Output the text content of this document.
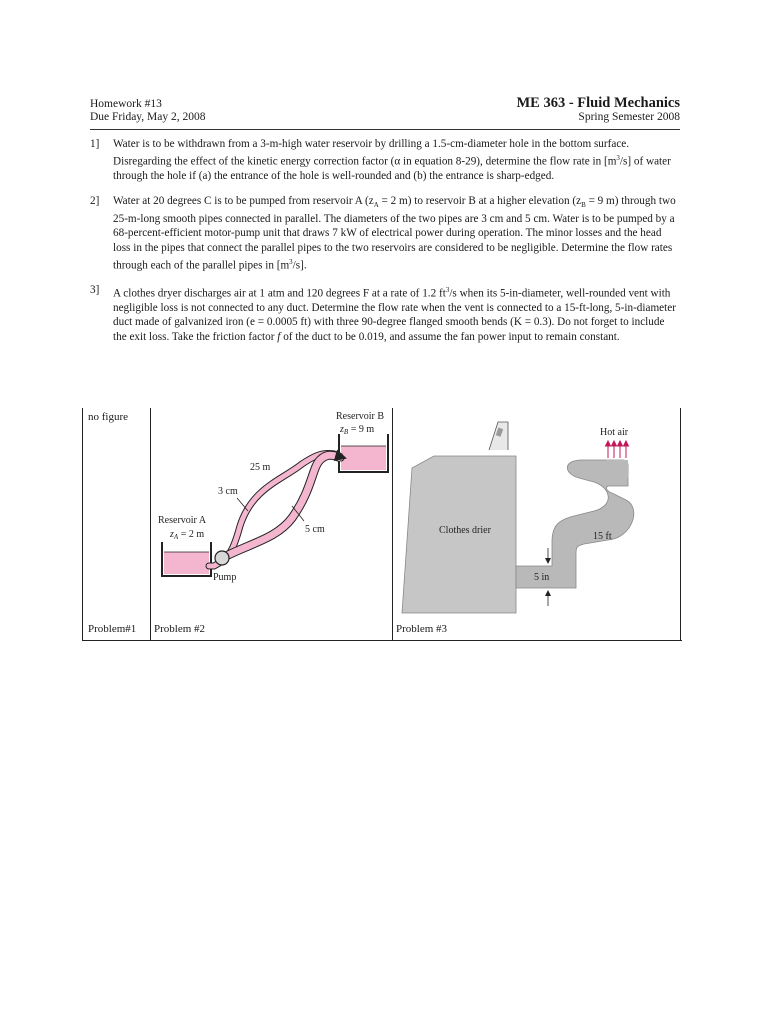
Homework #13	ME 363 - Fluid Mechanics
Due Friday, May 2, 2008	Spring Semester 2008
1]	Water is to be withdrawn from a 3-m-high water reservoir by drilling a 1.5-cm-diameter hole in the bottom surface. Disregarding the effect of the kinetic energy correction factor (α in equation 8-29), determine the flow rate in $[m^3/s]$ of water through the hole if (a) the entrance of the hole is well-rounded and (b) the entrance is sharp-edged.
2]	Water at 20 degrees C is to be pumped from reservoir A ($z_A = 2$ m) to reservoir B at a higher elevation ($z_B = 9$ m) through two 25-m-long smooth pipes connected in parallel. The diameters of the two pipes are 3 cm and 5 cm. Water is to be pumped by a 68-percent-efficient motor-pump unit that draws 7 kW of electrical power during operation. The minor losses and the head loss in the pipes that connect the parallel pipes to the two reservoirs are considered to be negligible. Determine the flow rates through each of the parallel pipes in $[m^3/s]$.
3]	A clothes dryer discharges air at 1 atm and 120 degrees F at a rate of 1.2 $ft^3/s$ when its 5-in-diameter, well-rounded vent with negligible loss is not connected to any duct. Determine the flow rate when the vent is connected to a 15-ft-long, 5-in-diameter duct made of galvanized iron (e = 0.0005 ft) with three 90-degree flanged smooth bends (K = 0.3). Do not forget to include the exit loss. Take the friction factor f of the duct to be 0.019, and assume the fan power input to remain constant.
no figure
Problem#1 Problem #2	Problem #3
Reservoir B
$z_B = 9$ m
Reservoir A
$z_A = 2$ m
Pump
25 m
3 cm
5 cm	Clothes drier
15 ft
5 in
Hot air
